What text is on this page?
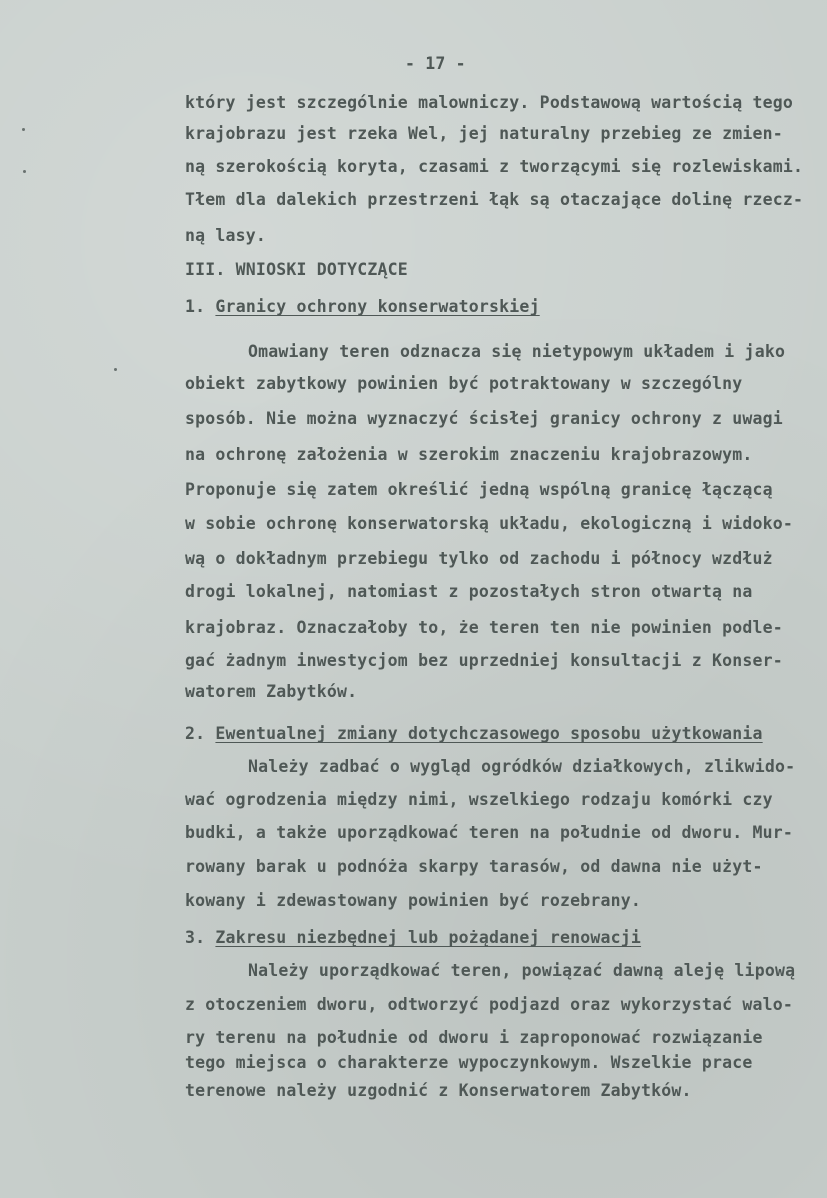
- 17 -
który jest szczególnie malowniczy. Podstawową wartością tego
krajobrazu jest rzeka Wel, jej naturalny przebieg ze zmien-
ną szerokością koryta, czasami z tworzącymi się rozlewiskami.
Tłem dla dalekich przestrzeni łąk są otaczające dolinę rzecz-
ną lasy.
III. WNIOSKI DOTYCZĄCE
1. Granicy ochrony konserwatorskiej
Omawiany teren odznacza się nietypowym układem i jako
obiekt zabytkowy powinien być potraktowany w szczególny
sposób. Nie można wyznaczyć ścisłej granicy ochrony z uwagi
na ochronę założenia w szerokim znaczeniu krajobrazowym.
Proponuje się zatem określić jedną wspólną granicę łączącą
w sobie ochronę konserwatorską układu, ekologiczną i widoko-
wą o dokładnym przebiegu tylko od zachodu i północy wzdłuż
drogi lokalnej, natomiast z pozostałych stron otwartą na
krajobraz. Oznaczałoby to, że teren ten nie powinien podle-
gać żadnym inwestycjom bez uprzedniej konsultacji z Konser-
watorem Zabytków.
2. Ewentualnej zmiany dotychczasowego sposobu użytkowania
Należy zadbać o wygląd ogródków działkowych, zlikwido-
wać ogrodzenia między nimi, wszelkiego rodzaju komórki czy
budki, a także uporządkować teren na południe od dworu. Mur-
rowany barak u podnóża skarpy tarasów, od dawna nie użyt-
kowany i zdewastowany powinien być rozebrany.
3. Zakresu niezbędnej lub pożądanej renowacji
Należy uporządkować teren, powiązać dawną aleję lipową
z otoczeniem dworu, odtworzyć podjazd oraz wykorzystać walo-
ry terenu na południe od dworu i zaproponować rozwiązanie
tego miejsca o charakterze wypoczynkowym. Wszelkie prace
terenowe należy uzgodnić z Konserwatorem Zabytków.
